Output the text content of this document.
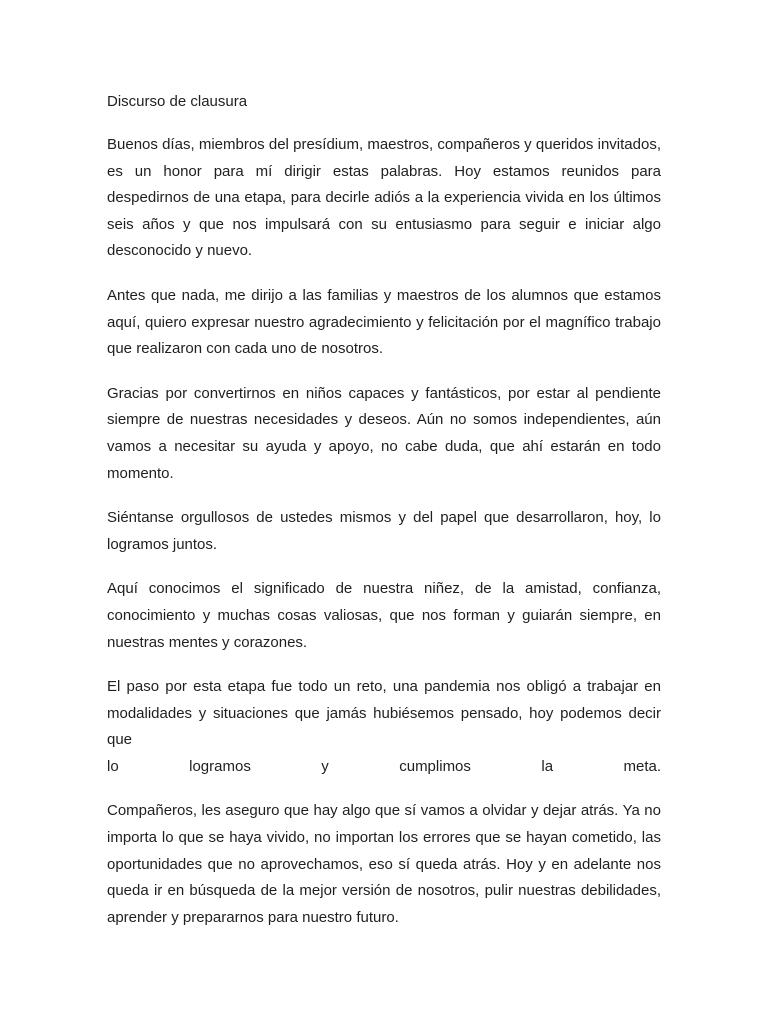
Discurso de clausura

Buenos días, miembros del presídium, maestros, compañeros y queridos invitados, es un honor para mí dirigir estas palabras. Hoy estamos reunidos para despedirnos de una etapa, para decirle adiós a la experiencia vivida en los últimos seis años y que nos impulsará con su entusiasmo para seguir e iniciar algo desconocido y nuevo.

Antes que nada, me dirijo a las familias y maestros de los alumnos que estamos aquí, quiero expresar nuestro agradecimiento y felicitación por el magnífico trabajo que realizaron con cada uno de nosotros.

Gracias por convertirnos en niños capaces y fantásticos, por estar al pendiente siempre de nuestras necesidades y deseos. Aún no somos independientes, aún vamos a necesitar su ayuda y apoyo, no cabe duda, que ahí estarán en todo momento.

Siéntanse orgullosos de ustedes mismos y del papel que desarrollaron, hoy, lo logramos juntos.

Aquí conocimos el significado de nuestra niñez, de la amistad, confianza, conocimiento y muchas cosas valiosas, que nos forman y guiarán siempre, en nuestras mentes y corazones.

El paso por esta etapa fue todo un reto, una pandemia nos obligó a trabajar en modalidades y situaciones que jamás hubiésemos pensado, hoy podemos decir que
lo logramos y cumplimos la meta.

Compañeros, les aseguro que hay algo que sí vamos a olvidar y dejar atrás. Ya no importa lo que se haya vivido, no importan los errores que se hayan cometido, las oportunidades que no aprovechamos, eso sí queda atrás. Hoy y en adelante nos queda ir en búsqueda de la mejor versión de nosotros, pulir nuestras debilidades, aprender y prepararnos para nuestro futuro.
